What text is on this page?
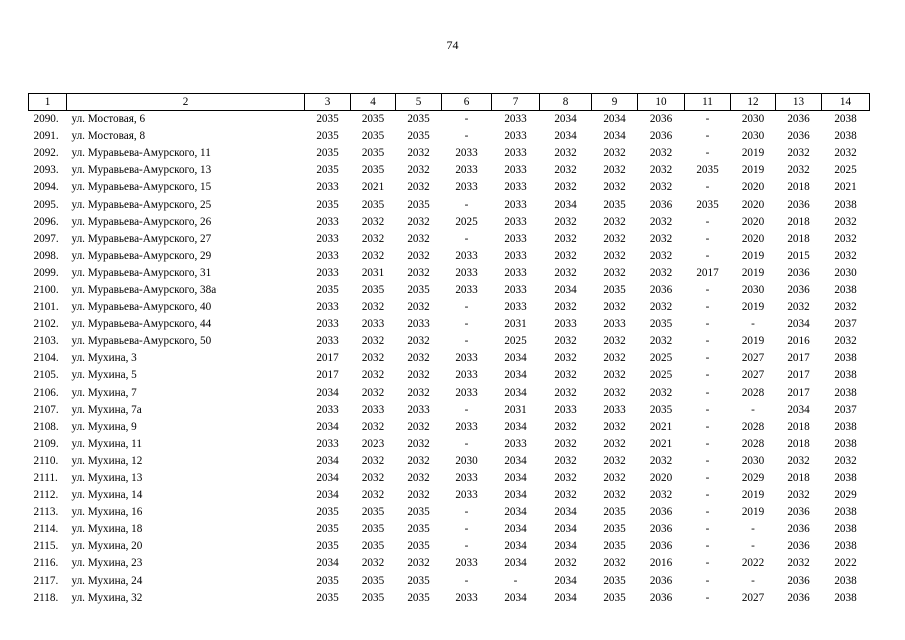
74
1	2	3	4	5	6	7	8	9	10	11	12	13	14
2090.	ул. Мостовая, 6	2035	2035	2035	-	2033	2034	2034	2036	-	2030	2036	2038
2091.	ул. Мостовая, 8	2035	2035	2035	-	2033	2034	2034	2036	-	2030	2036	2038
2092.	ул. Муравьева-Амурского, 11	2035	2035	2032	2033	2033	2032	2032	2032	-	2019	2032	2032
2093.	ул. Муравьева-Амурского, 13	2035	2035	2032	2033	2033	2032	2032	2032	2035	2019	2032	2025
2094.	ул. Муравьева-Амурского, 15	2033	2021	2032	2033	2033	2032	2032	2032	-	2020	2018	2021
2095.	ул. Муравьева-Амурского, 25	2035	2035	2035	-	2033	2034	2035	2036	2035	2020	2036	2038
2096.	ул. Муравьева-Амурского, 26	2033	2032	2032	2025	2033	2032	2032	2032	-	2020	2018	2032
2097.	ул. Муравьева-Амурского, 27	2033	2032	2032	-	2033	2032	2032	2032	-	2020	2018	2032
2098.	ул. Муравьева-Амурского, 29	2033	2032	2032	2033	2033	2032	2032	2032	-	2019	2015	2032
2099.	ул. Муравьева-Амурского, 31	2033	2031	2032	2033	2033	2032	2032	2032	2017	2019	2036	2030
2100.	ул. Муравьева-Амурского, 38а	2035	2035	2035	2033	2033	2034	2035	2036	-	2030	2036	2038
2101.	ул. Муравьева-Амурского, 40	2033	2032	2032	-	2033	2032	2032	2032	-	2019	2032	2032
2102.	ул. Муравьева-Амурского, 44	2033	2033	2033	-	2031	2033	2033	2035	-	-	2034	2037
2103.	ул. Муравьева-Амурского, 50	2033	2032	2032	-	2025	2032	2032	2032	-	2019	2016	2032
2104.	ул. Мухина, 3	2017	2032	2032	2033	2034	2032	2032	2025	-	2027	2017	2038
2105.	ул. Мухина, 5	2017	2032	2032	2033	2034	2032	2032	2025	-	2027	2017	2038
2106.	ул. Мухина, 7	2034	2032	2032	2033	2034	2032	2032	2032	-	2028	2017	2038
2107.	ул. Мухина, 7а	2033	2033	2033	-	2031	2033	2033	2035	-	-	2034	2037
2108.	ул. Мухина, 9	2034	2032	2032	2033	2034	2032	2032	2021	-	2028	2018	2038
2109.	ул. Мухина, 11	2033	2023	2032	-	2033	2032	2032	2021	-	2028	2018	2038
2110.	ул. Мухина, 12	2034	2032	2032	2030	2034	2032	2032	2032	-	2030	2032	2032
2111.	ул. Мухина, 13	2034	2032	2032	2033	2034	2032	2032	2020	-	2029	2018	2038
2112.	ул. Мухина, 14	2034	2032	2032	2033	2034	2032	2032	2032	-	2019	2032	2029
2113.	ул. Мухина, 16	2035	2035	2035	-	2034	2034	2035	2036	-	2019	2036	2038
2114.	ул. Мухина, 18	2035	2035	2035	-	2034	2034	2035	2036	-	-	2036	2038
2115.	ул. Мухина, 20	2035	2035	2035	-	2034	2034	2035	2036	-	-	2036	2038
2116.	ул. Мухина, 23	2034	2032	2032	2033	2034	2032	2032	2016	-	2022	2032	2022
2117.	ул. Мухина, 24	2035	2035	2035	-	-	2034	2035	2036	-	-	2036	2038
2118.	ул. Мухина, 32	2035	2035	2035	2033	2034	2034	2035	2036	-	2027	2036	2038
